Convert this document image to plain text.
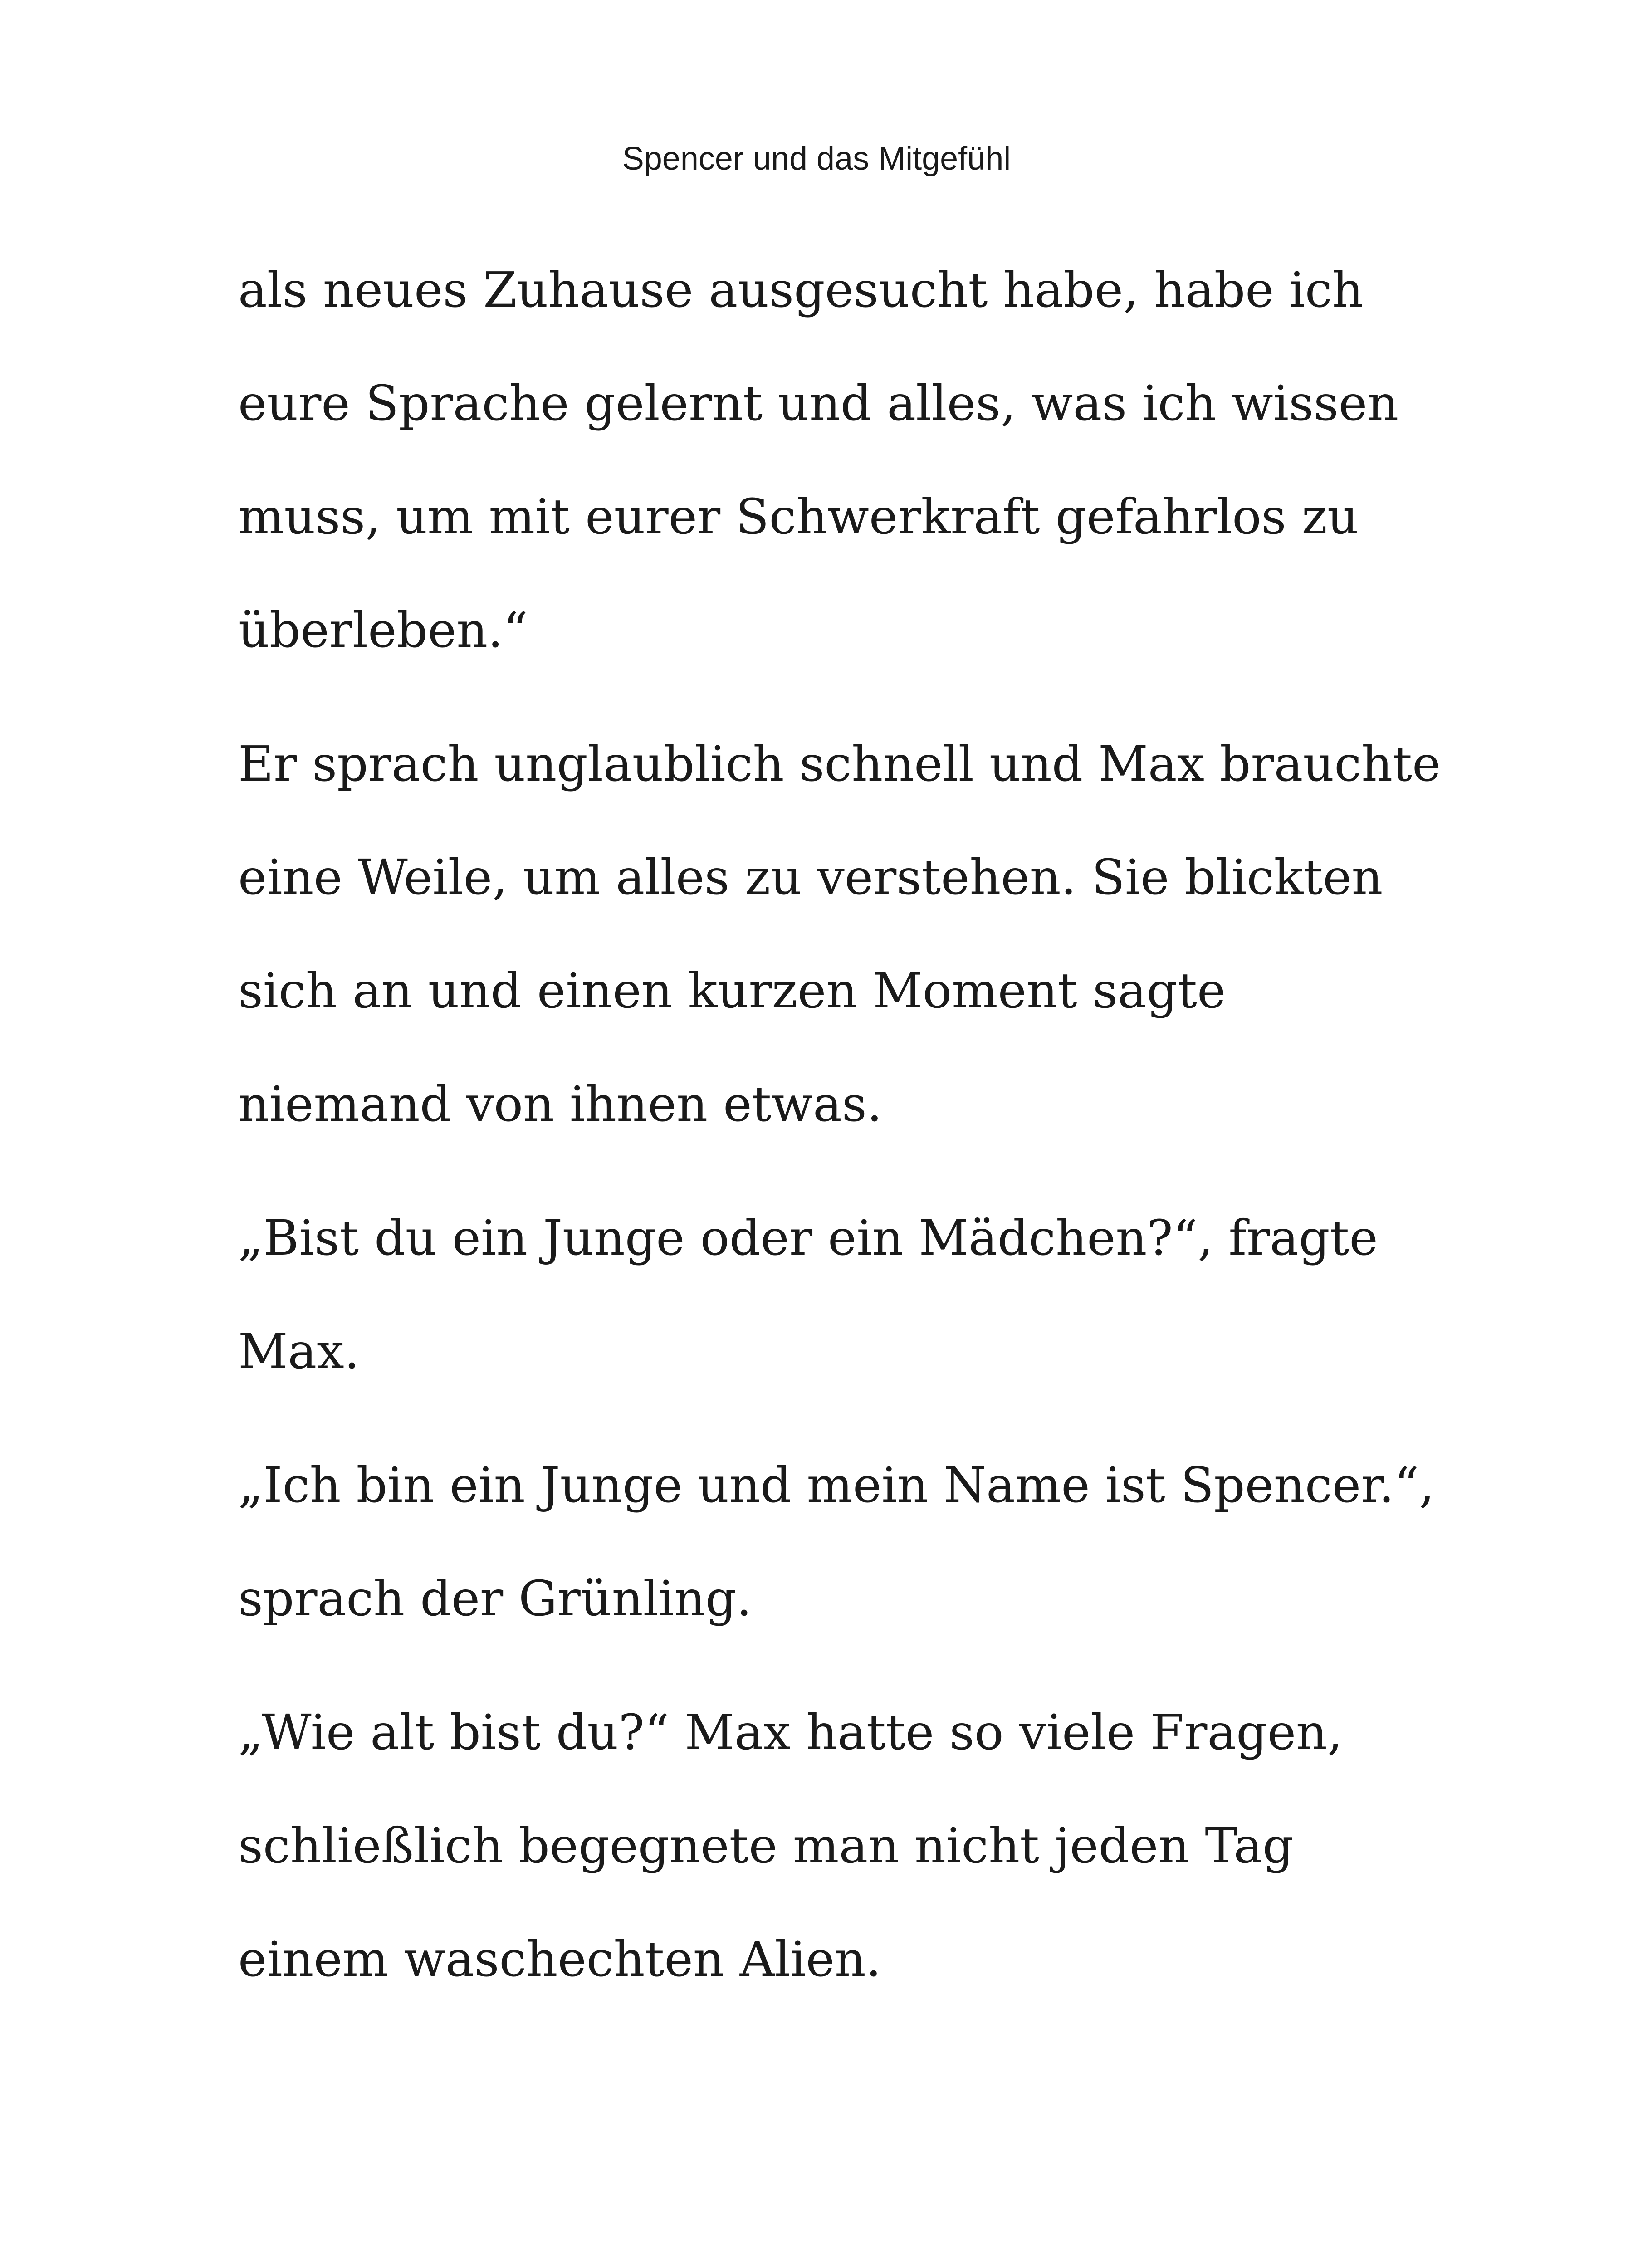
Spencer und das Mitgefühl

als neues Zuhause ausgesucht habe, habe ich
eure Sprache gelernt und alles, was ich wissen
muss, um mit eurer Schwerkraft gefahrlos zu
überleben.“

Er sprach unglaublich schnell und Max brauchte
eine Weile, um alles zu verstehen. Sie blickten
sich an und einen kurzen Moment sagte
niemand von ihnen etwas.

„Bist du ein Junge oder ein Mädchen?“, fragte
Max.

„Ich bin ein Junge und mein Name ist Spencer.“,
sprach der Grünling.

„Wie alt bist du?“ Max hatte so viele Fragen,
schließlich begegnete man nicht jeden Tag
einem waschechten Alien.
